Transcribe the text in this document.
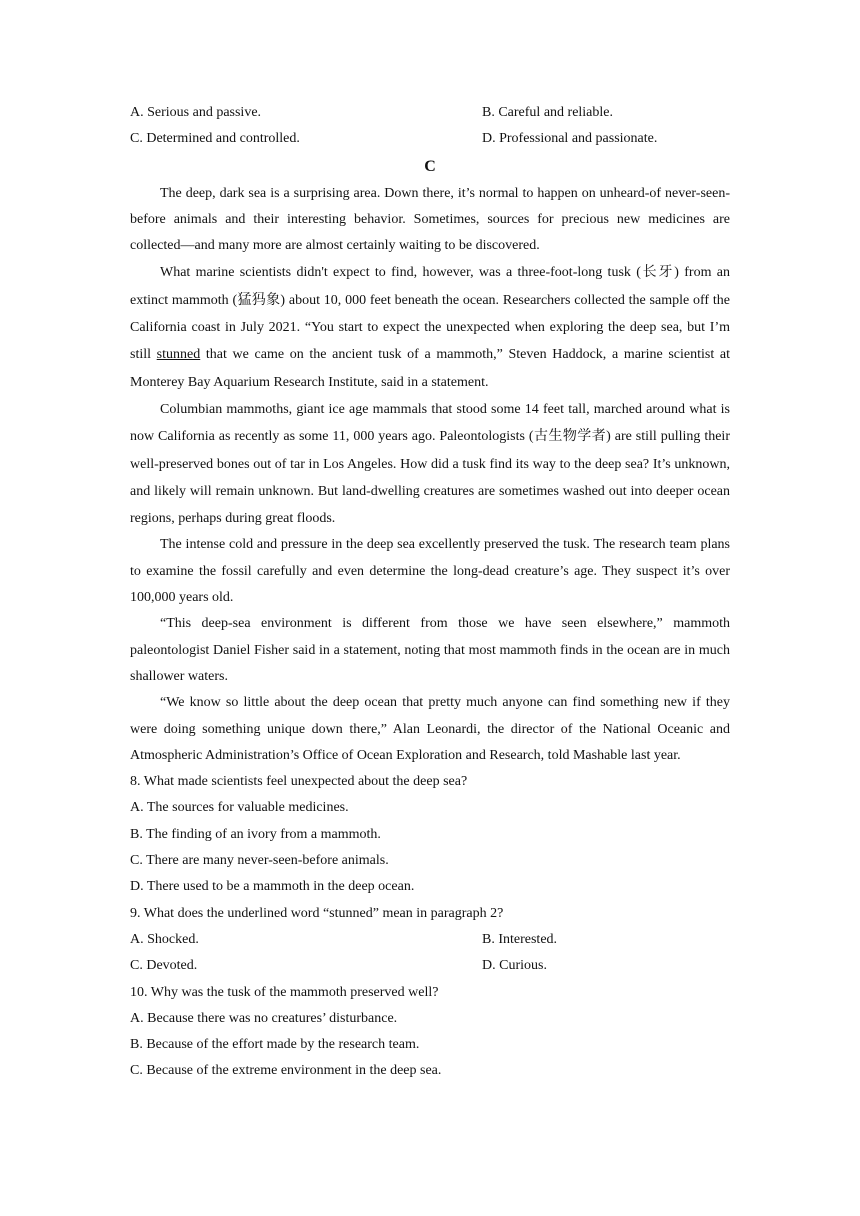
A. Serious and passive.	B. Careful and reliable.
C. Determined and controlled.	D. Professional and passionate.
C

The deep, dark sea is a surprising area. Down there, it’s normal to happen on unheard-of never-seen-before animals and their interesting behavior. Sometimes, sources for precious new medicines are collected—and many more are almost certainly waiting to be discovered.

What marine scientists didn't expect to find, however, was a three-foot-long tusk (长牙) from an extinct mammoth (猛犸象) about 10, 000 feet beneath the ocean. Researchers collected the sample off the California coast in July 2021. “You start to expect the unexpected when exploring the deep sea, but I’m still stunned that we came on the ancient tusk of a mammoth,” Steven Haddock, a marine scientist at Monterey Bay Aquarium Research Institute, said in a statement.

Columbian mammoths, giant ice age mammals that stood some 14 feet tall, marched around what is now California as recently as some 11, 000 years ago. Paleontologists (古生物学者) are still pulling their well-preserved bones out of tar in Los Angeles. How did a tusk find its way to the deep sea? It’s unknown, and likely will remain unknown. But land-dwelling creatures are sometimes washed out into deeper ocean regions, perhaps during great floods.

The intense cold and pressure in the deep sea excellently preserved the tusk. The research team plans to examine the fossil carefully and even determine the long-dead creature’s age. They suspect it’s over 100,000 years old.

“This deep-sea environment is different from those we have seen elsewhere,” mammoth paleontologist Daniel Fisher said in a statement, noting that most mammoth finds in the ocean are in much shallower waters.

“We know so little about the deep ocean that pretty much anyone can find something new if they were doing something unique down there,” Alan Leonardi, the director of the National Oceanic and Atmospheric Administration’s Office of Ocean Exploration and Research, told Mashable last year.

8. What made scientists feel unexpected about the deep sea?

A. The sources for valuable medicines.

B. The finding of an ivory from a mammoth.

C. There are many never-seen-before animals.

D. There used to be a mammoth in the deep ocean.

9. What does the underlined word “stunned” mean in paragraph 2?

A. Shocked.	B. Interested.
C. Devoted.	D. Curious.

10. Why was the tusk of the mammoth preserved well?

A. Because there was no creatures’ disturbance.

B. Because of the effort made by the research team.

C. Because of the extreme environment in the deep sea.
